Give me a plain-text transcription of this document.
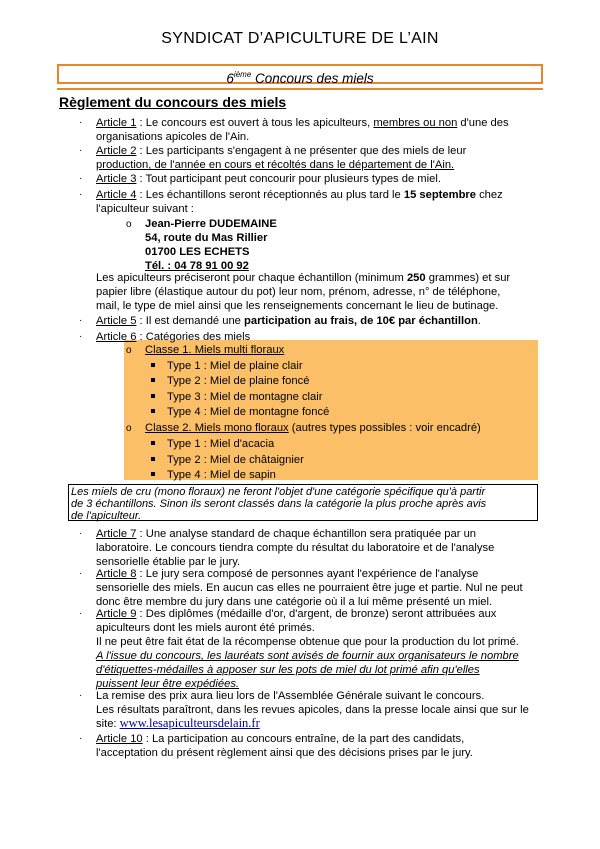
SYNDICAT D’APICULTURE DE L’AIN
6ième Concours des miels
Règlement du concours des miels
· Article 1 : Le concours est ouvert à tous les apiculteurs, membres ou non d'une des
organisations apicoles de l'Ain.
· Article 2 : Les participants s'engagent à ne présenter que des miels de leur
production, de l'année en cours et récoltés dans le département de l'Ain.
· Article 3 : Tout participant peut concourir pour plusieurs types de miel.
· Article 4 : Les échantillons seront réceptionnés au plus tard le 15 septembre chez
l'apiculteur suivant :
o Jean-Pierre DUDEMAINE
54, route du Mas Rillier
01700 LES ECHETS
Tél. : 04 78 91 00 92
Les apiculteurs préciseront pour chaque échantillon (minimum 250 grammes) et sur
papier libre (élastique autour du pot) leur nom, prénom, adresse, n° de téléphone,
mail, le type de miel ainsi que les renseignements concernant le lieu de butinage.
· Article 5 : Il est demandé une participation au frais, de 10€ par échantillon.
· Article 6 : Catégories des miels
o Classe 1. Miels multi floraux
Type 1 : Miel de plaine clair
Type 2 : Miel de plaine foncé
Type 3 : Miel de montagne clair
Type 4 : Miel de montagne foncé
o Classe 2. Miels mono floraux (autres types possibles : voir encadré)
Type 1 : Miel d'acacia
Type 2 : Miel de châtaignier
Type 4 : Miel de sapin
Les miels de cru (mono floraux) ne feront l'objet d'une catégorie spécifique qu'à partir
de 3 échantillons. Sinon ils seront classés dans la catégorie la plus proche après avis
de l'apiculteur.
· Article 7 : Une analyse standard de chaque échantillon sera pratiquée par un
laboratoire. Le concours tiendra compte du résultat du laboratoire et de l'analyse
sensorielle établie par le jury.
· Article 8 : Le jury sera composé de personnes ayant l'expérience de l'analyse
sensorielle des miels. En aucun cas elles ne pourraient être juge et partie. Nul ne peut
donc être membre du jury dans une catégorie où il a lui même présenté un miel.
· Article 9 : Des diplômes (médaille d'or, d'argent, de bronze) seront attribuées aux
apiculteurs dont les miels auront été primés.
Il ne peut être fait état de la récompense obtenue que pour la production du lot primé.
A l'issue du concours, les lauréats sont avisés de fournir aux organisateurs le nombre
d'étiquettes-médailles à apposer sur les pots de miel du lot primé afin qu'elles
puissent leur être expédiées.
· La remise des prix aura lieu lors de l'Assemblée Générale suivant le concours.
Les résultats paraîtront, dans les revues apicoles, dans la presse locale ainsi que sur le
site: www.lesapiculteursdelain.fr
· Article 10 : La participation au concours entraîne, de la part des candidats,
l'acceptation du présent règlement ainsi que des décisions prises par le jury.
